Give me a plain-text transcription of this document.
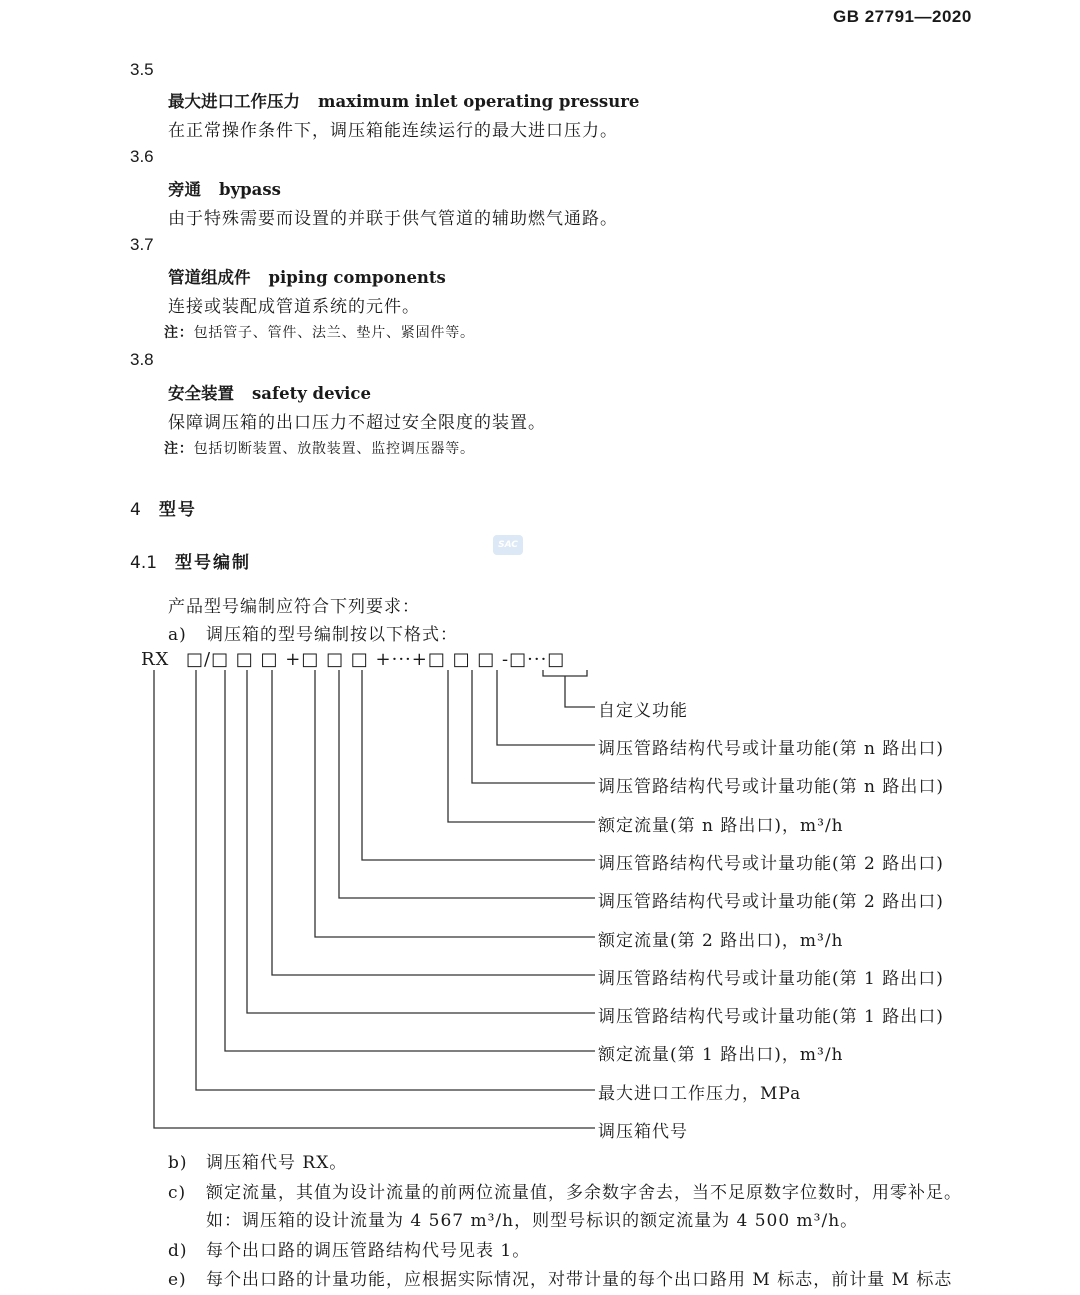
GB 27791—2020
3.5
最大进口工作压力 maximum inlet operating pressure
在正常操作条件下，调压箱能连续运行的最大进口压力。
3.6
旁通 bypass
由于特殊需要而设置的并联于供气管道的辅助燃气通路。
3.7
管道组成件 piping components
连接或装配成管道系统的元件。
注：包括管子、管件、法兰、垫片、紧固件等。
3.8
安全装置 safety device
保障调压箱的出口压力不超过安全限度的装置。
注：包括切断装置、放散装置、监控调压器等。
4 型号
SAC
4.1 型号编制
产品型号编制应符合下列要求：
a) 调压箱的型号编制按以下格式：
RX □/□ □ □ +□ □ □ +···+□ □ □ -□···□
自定义功能
调压管路结构代号或计量功能(第 n 路出口)
调压管路结构代号或计量功能(第 n 路出口)
额定流量(第 n 路出口)，m³/h
调压管路结构代号或计量功能(第 2 路出口)
调压管路结构代号或计量功能(第 2 路出口)
额定流量(第 2 路出口)，m³/h
调压管路结构代号或计量功能(第 1 路出口)
调压管路结构代号或计量功能(第 1 路出口)
额定流量(第 1 路出口)，m³/h
最大进口工作压力，MPa
调压箱代号
b) 调压箱代号 RX。
c) 额定流量，其值为设计流量的前两位流量值，多余数字舍去，当不足原数字位数时，用零补足。
如：调压箱的设计流量为 4 567 m³/h，则型号标识的额定流量为 4 500 m³/h。
d) 每个出口路的调压管路结构代号见表 1。
e) 每个出口路的计量功能，应根据实际情况，对带计量的每个出口路用 M 标志，前计量 M 标志
